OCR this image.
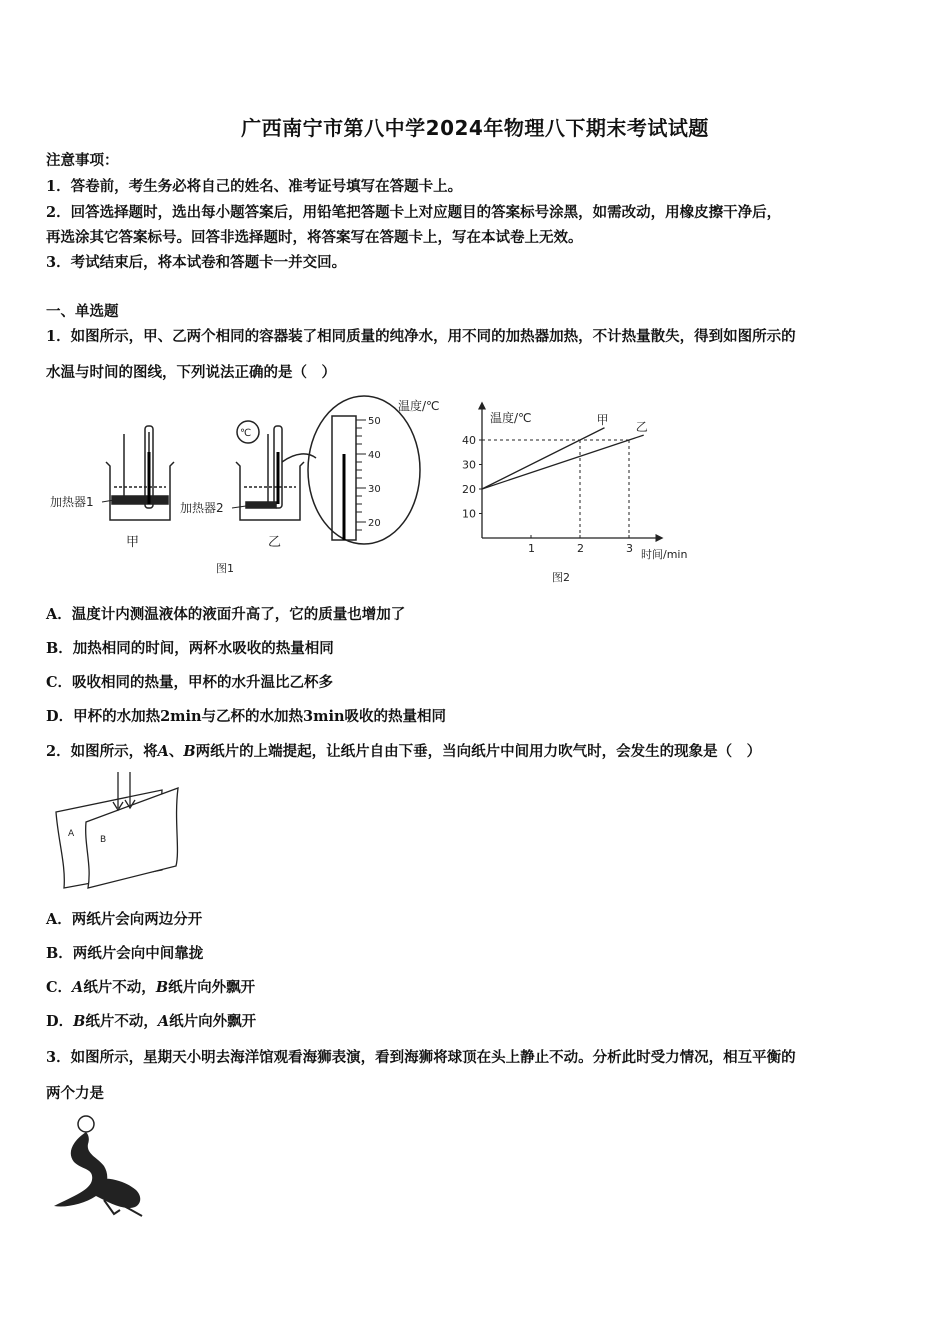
广西南宁市第八中学2024年物理八下期末考试试题
注意事项：
1．答卷前，考生务必将自己的姓名、准考证号填写在答题卡上。
2．回答选择题时，选出每小题答案后，用铅笔把答题卡上对应题目的答案标号涂黑，如需改动，用橡皮擦干净后，
再选涂其它答案标号。回答非选择题时，将答案写在答题卡上，写在本试卷上无效。
3．考试结束后，将本试卷和答题卡一并交回。
一、单选题
1．如图所示，甲、乙两个相同的容器装了相同质量的纯净水，用不同的加热器加热，不计热量散失，得到如图所示的
水温与时间的图线，下列说法正确的是（　）
加热器1
甲
℃
加热器2
乙
50
40
30
20
温度/℃
图1
10
20
30
40
1	2	3
甲
乙
温度/℃
时间/min
图2
A．温度计内测温液体的液面升高了，它的质量也增加了
B．加热相同的时间，两杯水吸收的热量相同
C．吸收相同的热量，甲杯的水升温比乙杯多
D．甲杯的水加热2min与乙杯的水加热3min吸收的热量相同
2．如图所示，将A、B两纸片的上端提起，让纸片自由下垂，当向纸片中间用力吹气时，会发生的现象是（　）
A
B
A．两纸片会向两边分开
B．两纸片会向中间靠拢
C．A纸片不动，B纸片向外飘开
D．B纸片不动，A纸片向外飘开
3．如图所示，星期天小明去海洋馆观看海狮表演，看到海狮将球顶在头上静止不动。分析此时受力情况，相互平衡的
两个力是
